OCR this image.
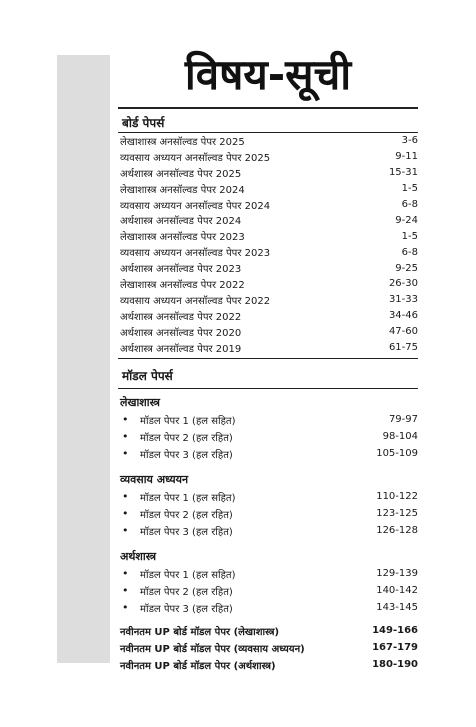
विषय-सूची
बोर्ड पेपर्स
लेखाशास्त्र अनसॉल्वड पेपर 2025	3-6
व्यवसाय अध्ययन अनसॉल्वड पेपर 2025	9-11
अर्थशास्त्र अनसॉल्वड पेपर 2025	15-31
लेखाशास्त्र अनसॉल्वड पेपर 2024	1-5
व्यवसाय अध्ययन अनसॉल्वड पेपर 2024	6-8
अर्थशास्त्र अनसॉल्वड पेपर 2024	9-24
लेखाशास्त्र अनसॉल्वड पेपर 2023	1-5
व्यवसाय अध्ययन अनसॉल्वड पेपर 2023	6-8
अर्थशास्त्र अनसॉल्वड पेपर 2023	9-25
लेखाशास्त्र अनसॉल्वड पेपर 2022	26-30
व्यवसाय अध्ययन अनसॉल्वड पेपर 2022	31-33
अर्थशास्त्र अनसॉल्वड पेपर 2022	34-46
अर्थशास्त्र अनसॉल्वड पेपर 2020	47-60
अर्थशास्त्र अनसॉल्वड पेपर 2019	61-75
मॉडल पेपर्स
लेखाशास्त्र
•	मॉडल पेपर 1 (हल सहित)	79-97
•	मॉडल पेपर 2 (हल रहित)	98-104
•	मॉडल पेपर 3 (हल रहित)	105-109
व्यवसाय अध्ययन
•	मॉडल पेपर 1 (हल सहित)	110-122
•	मॉडल पेपर 2 (हल रहित)	123-125
•	मॉडल पेपर 3 (हल रहित)	126-128
अर्थशास्त्र
•	मॉडल पेपर 1 (हल सहित)	129-139
•	मॉडल पेपर 2 (हल रहित)	140-142
•	मॉडल पेपर 3 (हल रहित)	143-145
नवीनतम UP बोर्ड मॉडल पेपर (लेखाशास्त्र)	149-166
नवीनतम UP बोर्ड मॉडल पेपर (व्यवसाय अध्ययन)	167-179
नवीनतम UP बोर्ड मॉडल पेपर (अर्थशास्त्र)	180-190
